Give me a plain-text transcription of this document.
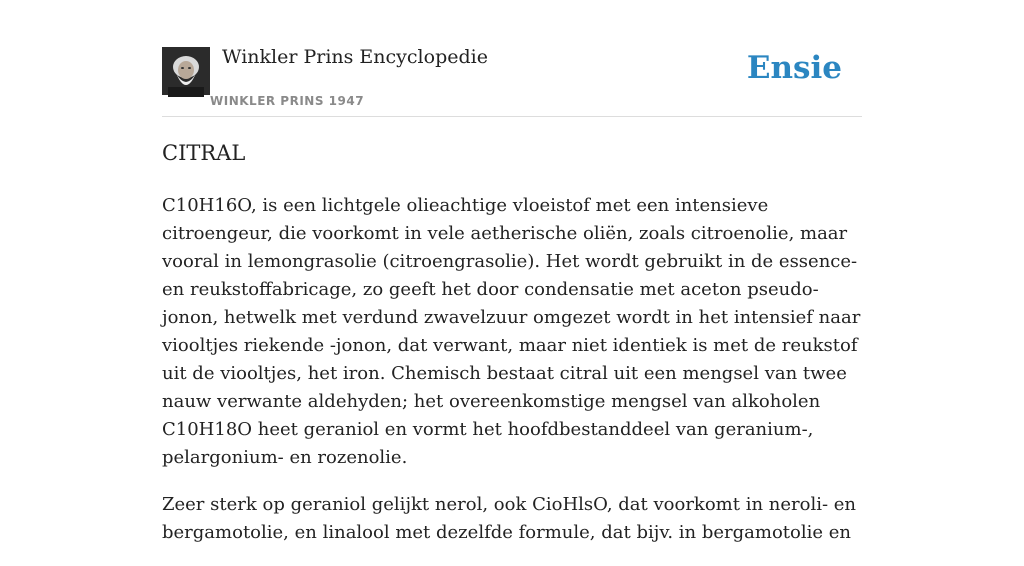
Winkler Prins Encyclopedie
WINKLER PRINS 1947
Ensie
CITRAL

C10H16O, is een lichtgele olieachtige vloeistof met een intensieve citroengeur, die voorkomt in vele aetherische oliën, zoals citroenolie, maar vooral in lemongrasolie (citroengrasolie). Het wordt gebruikt in de essence- en reukstoffabricage, zo geeft het door condensatie met aceton pseudo-jonon, hetwelk met verdund zwavelzuur omgezet wordt in het intensief naar viooltjes riekende -jonon, dat verwant, maar niet identiek is met de reukstof uit de viooltjes, het iron. Chemisch bestaat citral uit een mengsel van twee nauw verwante aldehyden; het overeenkomstige mengsel van alkoholen C10H18O heet geraniol en vormt het hoofdbestanddeel van geranium-, pelargonium- en rozenolie.

Zeer sterk op geraniol gelijkt nerol, ook CioHlsO, dat voorkomt in neroli- en bergamotolie, en linalool met dezelfde formule, dat bijv. in bergamotolie en
